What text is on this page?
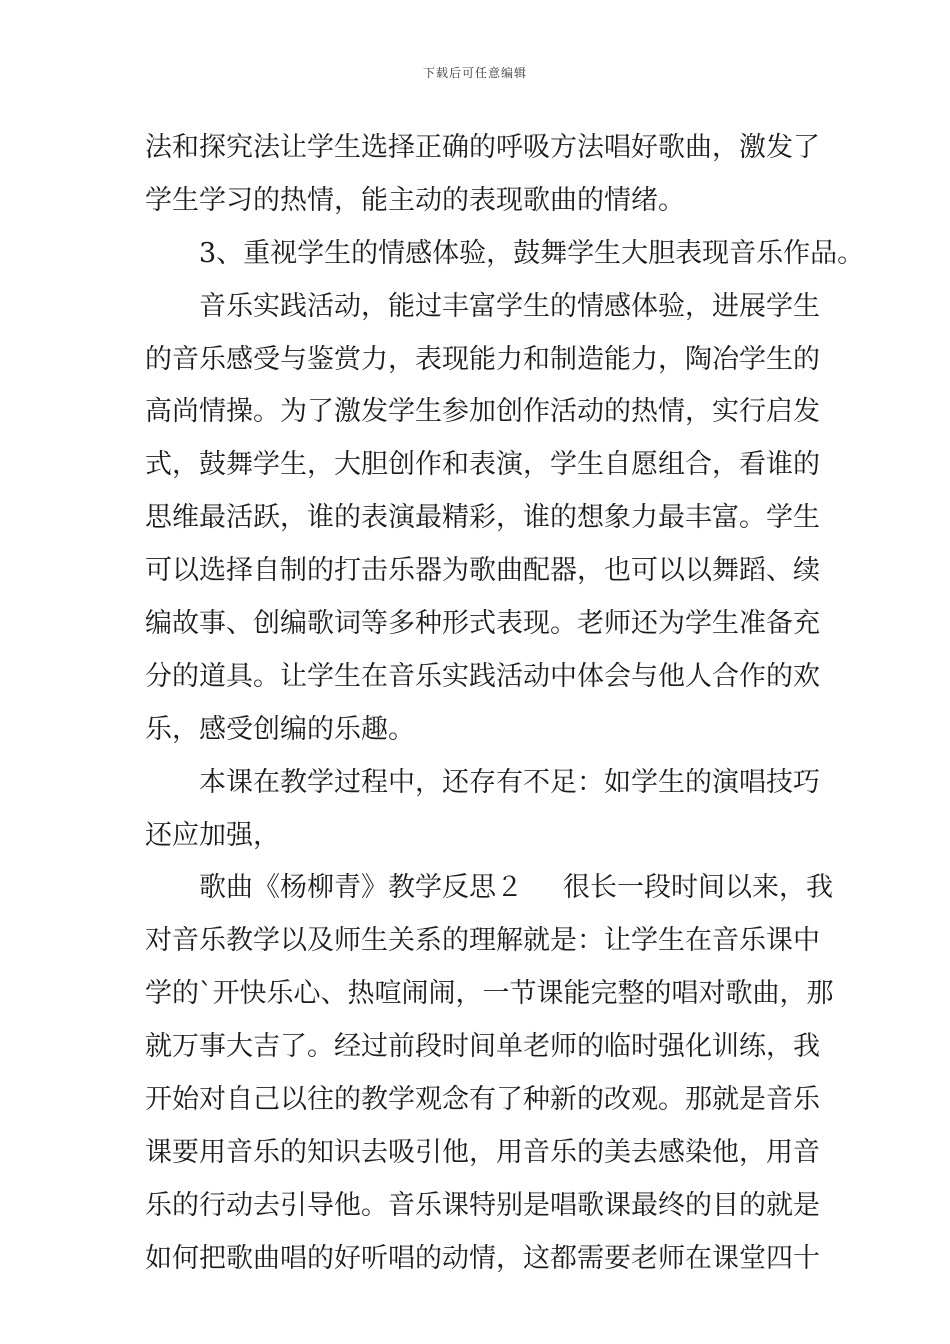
下载后可任意编辑
法和探究法让学生选择正确的呼吸方法唱好歌曲，激发了
学生学习的热情，能主动的表现歌曲的情绪。
3、重视学生的情感体验，鼓舞学生大胆表现音乐作品。
音乐实践活动，能过丰富学生的情感体验，进展学生
的音乐感受与鉴赏力，表现能力和制造能力，陶冶学生的
高尚情操。为了激发学生参加创作活动的热情，实行启发
式，鼓舞学生，大胆创作和表演，学生自愿组合，看谁的
思维最活跃，谁的表演最精彩，谁的想象力最丰富。学生
可以选择自制的打击乐器为歌曲配器，也可以以舞蹈、续
编故事、创编歌词等多种形式表现。老师还为学生准备充
分的道具。让学生在音乐实践活动中体会与他人合作的欢
乐，感受创编的乐趣。
本课在教学过程中，还存有不足：如学生的演唱技巧
还应加强，
歌曲《杨柳青》教学反思２ 很长一段时间以来，我
对音乐教学以及师生关系的理解就是：让学生在音乐课中
学的`开快乐心、热喧闹闹，一节课能完整的唱对歌曲，那
就万事大吉了。经过前段时间单老师的临时强化训练，我
开始对自己以往的教学观念有了种新的改观。那就是音乐
课要用音乐的知识去吸引他，用音乐的美去感染他，用音
乐的行动去引导他。音乐课特别是唱歌课最终的目的就是
如何把歌曲唱的好听唱的动情，这都需要老师在课堂四十
